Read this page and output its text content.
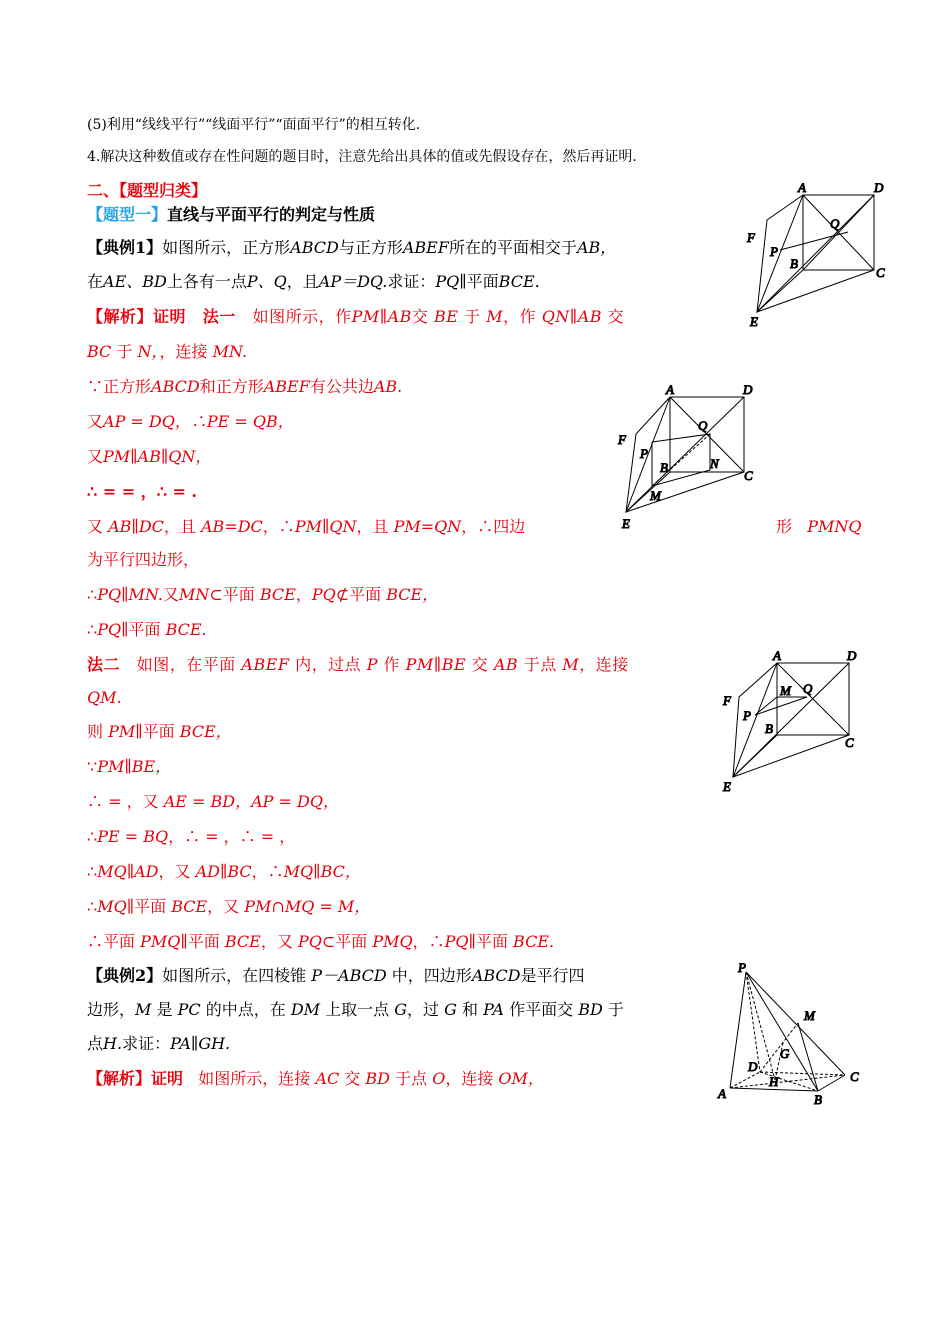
(5)利用“线线平行”“线面平行”“面面平行”的相互转化.
4.解决这种数值或存在性问题的题目时，注意先给出具体的值或先假设存在，然后再证明.
二、【题型归类】
【题型一】直线与平面平行的判定与性质
【典例1】如图所示，正方形ABCD与正方形ABEF所在的平面相交于AB，
在AE、BD上各有一点P、Q，且AP＝DQ.求证：PQ∥平面BCE.
【解析】证明 法一 如图所示，作PM∥AB交 BE 于 M，作 QN∥AB 交
BC 于 N，，连接 MN.
∵正方形ABCD和正方形ABEF有公共边AB.
又AP = DQ，∴PE = QB，
又PM∥AB∥QN，
∴ = = ，∴ = .
又 AB∥DC，且 AB=DC，∴PM∥QN，且 PM=QN，∴四边	形 PMNQ
为平行四边形，
∴PQ∥MN.又MN⊂平面 BCE，PQ⊄平面 BCE，
∴PQ∥平面 BCE.
法二 如图，在平面 ABEF 内，过点 P 作 PM∥BE 交 AB 于点 M，连接
QM.
则 PM∥平面 BCE，
∵PM∥BE，
∴ = ，又 AE = BD，AP = DQ，
∴PE = BQ，∴ = ，∴ = ，
∴MQ∥AD，又 AD∥BC，∴MQ∥BC，
∴MQ∥平面 BCE，又 PM∩MQ = M，
∴平面 PMQ∥平面 BCE，又 PQ⊂平面 PMQ，∴PQ∥平面 BCE.
【典例2】如图所示，在四棱锥 P－ABCD 中，四边形ABCD是平行四
边形，M 是 PC 的中点，在 DM 上取一点 G，过 G 和 PA 作平面交 BD 于
点H.求证：PA∥GH.
【解析】证明 如图所示，连接 AC 交 BD 于点 O，连接 OM，
A	D
F
Q
P
B
C
E
A	D
F
Q
P
B	N
C
M
E
A	D
F
M Q
P
B
C
E
P
M
G
D
H	C
A	B
